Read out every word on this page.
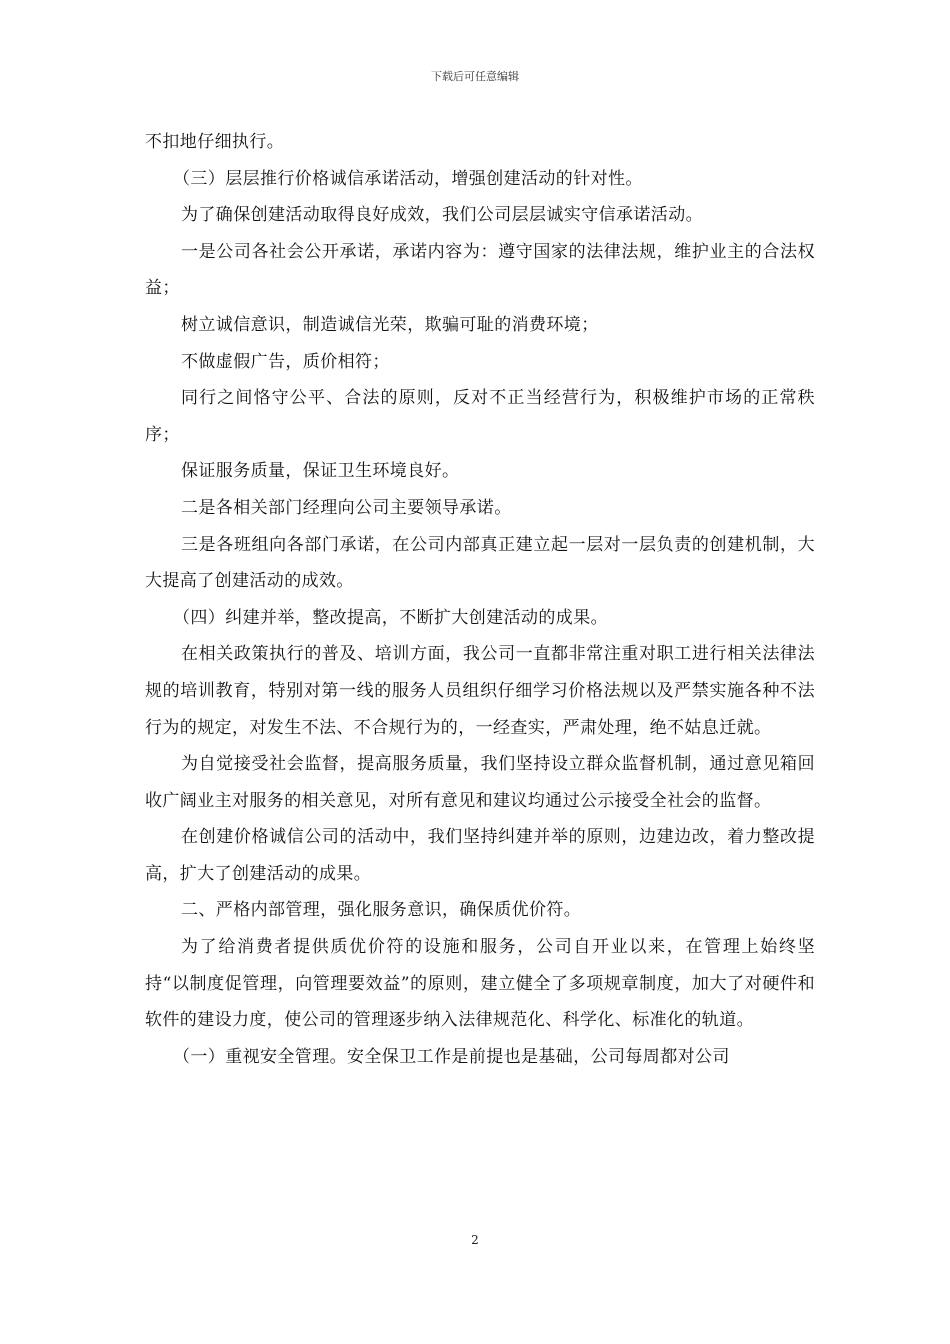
下载后可任意编辑

不扣地仔细执行。

（三）层层推行价格诚信承诺活动，增强创建活动的针对性。

为了确保创建活动取得良好成效，我们公司层层诚实守信承诺活动。

一是公司各社会公开承诺，承诺内容为：遵守国家的法律法规，维护业主的合法权益；

树立诚信意识，制造诚信光荣，欺骗可耻的消费环境；

不做虚假广告，质价相符；

同行之间恪守公平、合法的原则，反对不正当经营行为，积极维护市场的正常秩序；

保证服务质量，保证卫生环境良好。

二是各相关部门经理向公司主要领导承诺。

三是各班组向各部门承诺，在公司内部真正建立起一层对一层负责的创建机制，大大提高了创建活动的成效。

（四）纠建并举，整改提高，不断扩大创建活动的成果。

在相关政策执行的普及、培训方面，我公司一直都非常注重对职工进行相关法律法规的培训教育，特别对第一线的服务人员组织仔细学习价格法规以及严禁实施各种不法行为的规定，对发生不法、不合规行为的，一经查实，严肃处理，绝不姑息迁就。

为自觉接受社会监督，提高服务质量，我们坚持设立群众监督机制，通过意见箱回收广阔业主对服务的相关意见，对所有意见和建议均通过公示接受全社会的监督。

在创建价格诚信公司的活动中，我们坚持纠建并举的原则，边建边改，着力整改提高，扩大了创建活动的成果。

二、严格内部管理，强化服务意识，确保质优价符。

为了给消费者提供质优价符的设施和服务，公司自开业以来，在管理上始终坚持“以制度促管理，向管理要效益”的原则，建立健全了多项规章制度，加大了对硬件和软件的建设力度，使公司的管理逐步纳入法律规范化、科学化、标准化的轨道。

（一）重视安全管理。安全保卫工作是前提也是基础，公司每周都对公司

2
